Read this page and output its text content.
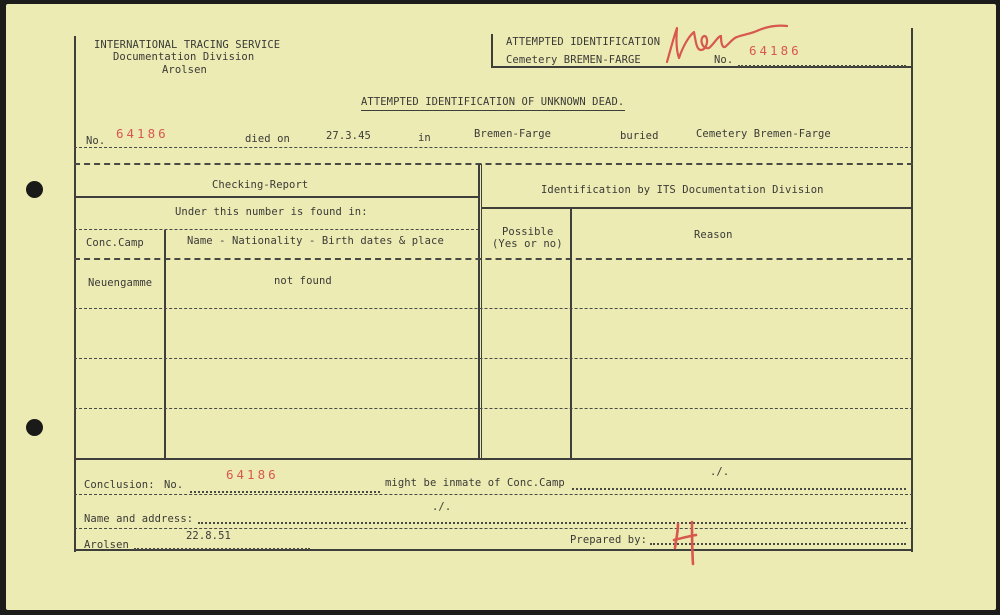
INTERNATIONAL TRACING SERVICE
Documentation Division
Arolsen
ATTEMPTED IDENTIFICATION
Cemetery BREMEN-FARGE	No.
64186
ATTEMPTED IDENTIFICATION OF UNKNOWN DEAD.
No. 64186	died on	27.3.45	in	Bremen-Farge	buried	Cemetery Bremen-Farge
Checking-Report
Under this number is found in:
Identification by ITS Documentation Division
Conc.Camp	Name - Nationality - Birth dates & place
Possible
(Yes or no)
Reason
Neuengamme	not found
Conclusion: No.
64186
might be inmate of Conc.Camp
./.
Name and address:
./.
Arolsen
22.8.51	Prepared by:
